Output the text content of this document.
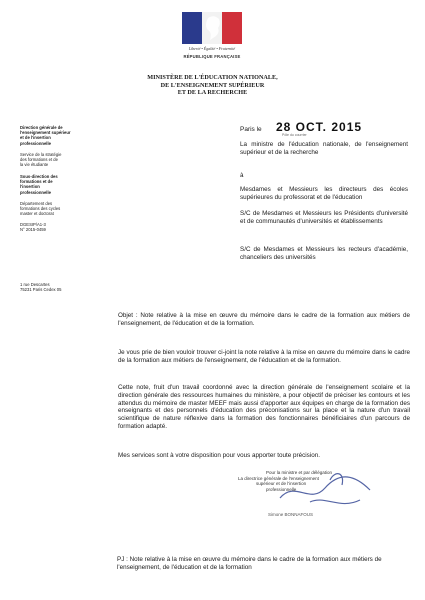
Liberté • Égalité • Fraternité
RÉPUBLIQUE FRANÇAISE
MINISTÈRE DE L'ÉDUCATION NATIONALE,
DE L'ENSEIGNEMENT SUPÉRIEUR
ET DE LA RECHERCHE
Direction générale de
l'enseignement supérieur
et de l'insertion
professionnelle
Service de la stratégie
des formations et de
la vie étudiante
Sous-direction des
formations et de
l'insertion
professionnelle
Département des
formations des cycles
master et doctorat
DGESIP/A1-3
N° 2015-0459
1 rue Descartes
75231 Paris Cedex 05
Paris le 28 OCT. 2015
Pôle du courrier
La ministre de l'éducation nationale, de l'enseignement supérieur et de la recherche
à
Mesdames et Messieurs les directeurs des écoles supérieures du professorat et de l'éducation
S/C de Mesdames et Messieurs les Présidents d'université et de communautés d'universités et établissements
S/C de Mesdames et Messieurs les recteurs d'académie, chanceliers des universités
Objet : Note relative à la mise en œuvre du mémoire dans le cadre de la formation aux métiers de l'enseignement, de l'éducation et de la formation.
Je vous prie de bien vouloir trouver ci-joint la note relative à la mise en œuvre du mémoire dans le cadre de la formation aux métiers de l'enseignement, de l'éducation et de la formation.
Cette note, fruit d'un travail coordonné avec la direction générale de l'enseignement scolaire et la direction générale des ressources humaines du ministère, a pour objectif de préciser les contours et les attendus du mémoire de master MEEF mais aussi d'apporter aux équipes en charge de la formation des enseignants et des personnels d'éducation des préconisations sur la place et la nature d'un travail scientifique de nature réflexive dans la formation des fonctionnaires bénéficiaires d'un parcours de formation adapté.
Mes services sont à votre disposition pour vous apporter toute précision.
Pour la ministre et par délégation
La directrice générale de l'enseignement
supérieur et de l'insertion
professionnelle
Simone BONNAFOUS
PJ : Note relative à la mise en œuvre du mémoire dans le cadre de la formation aux métiers de l'enseignement, de l'éducation et de la formation
